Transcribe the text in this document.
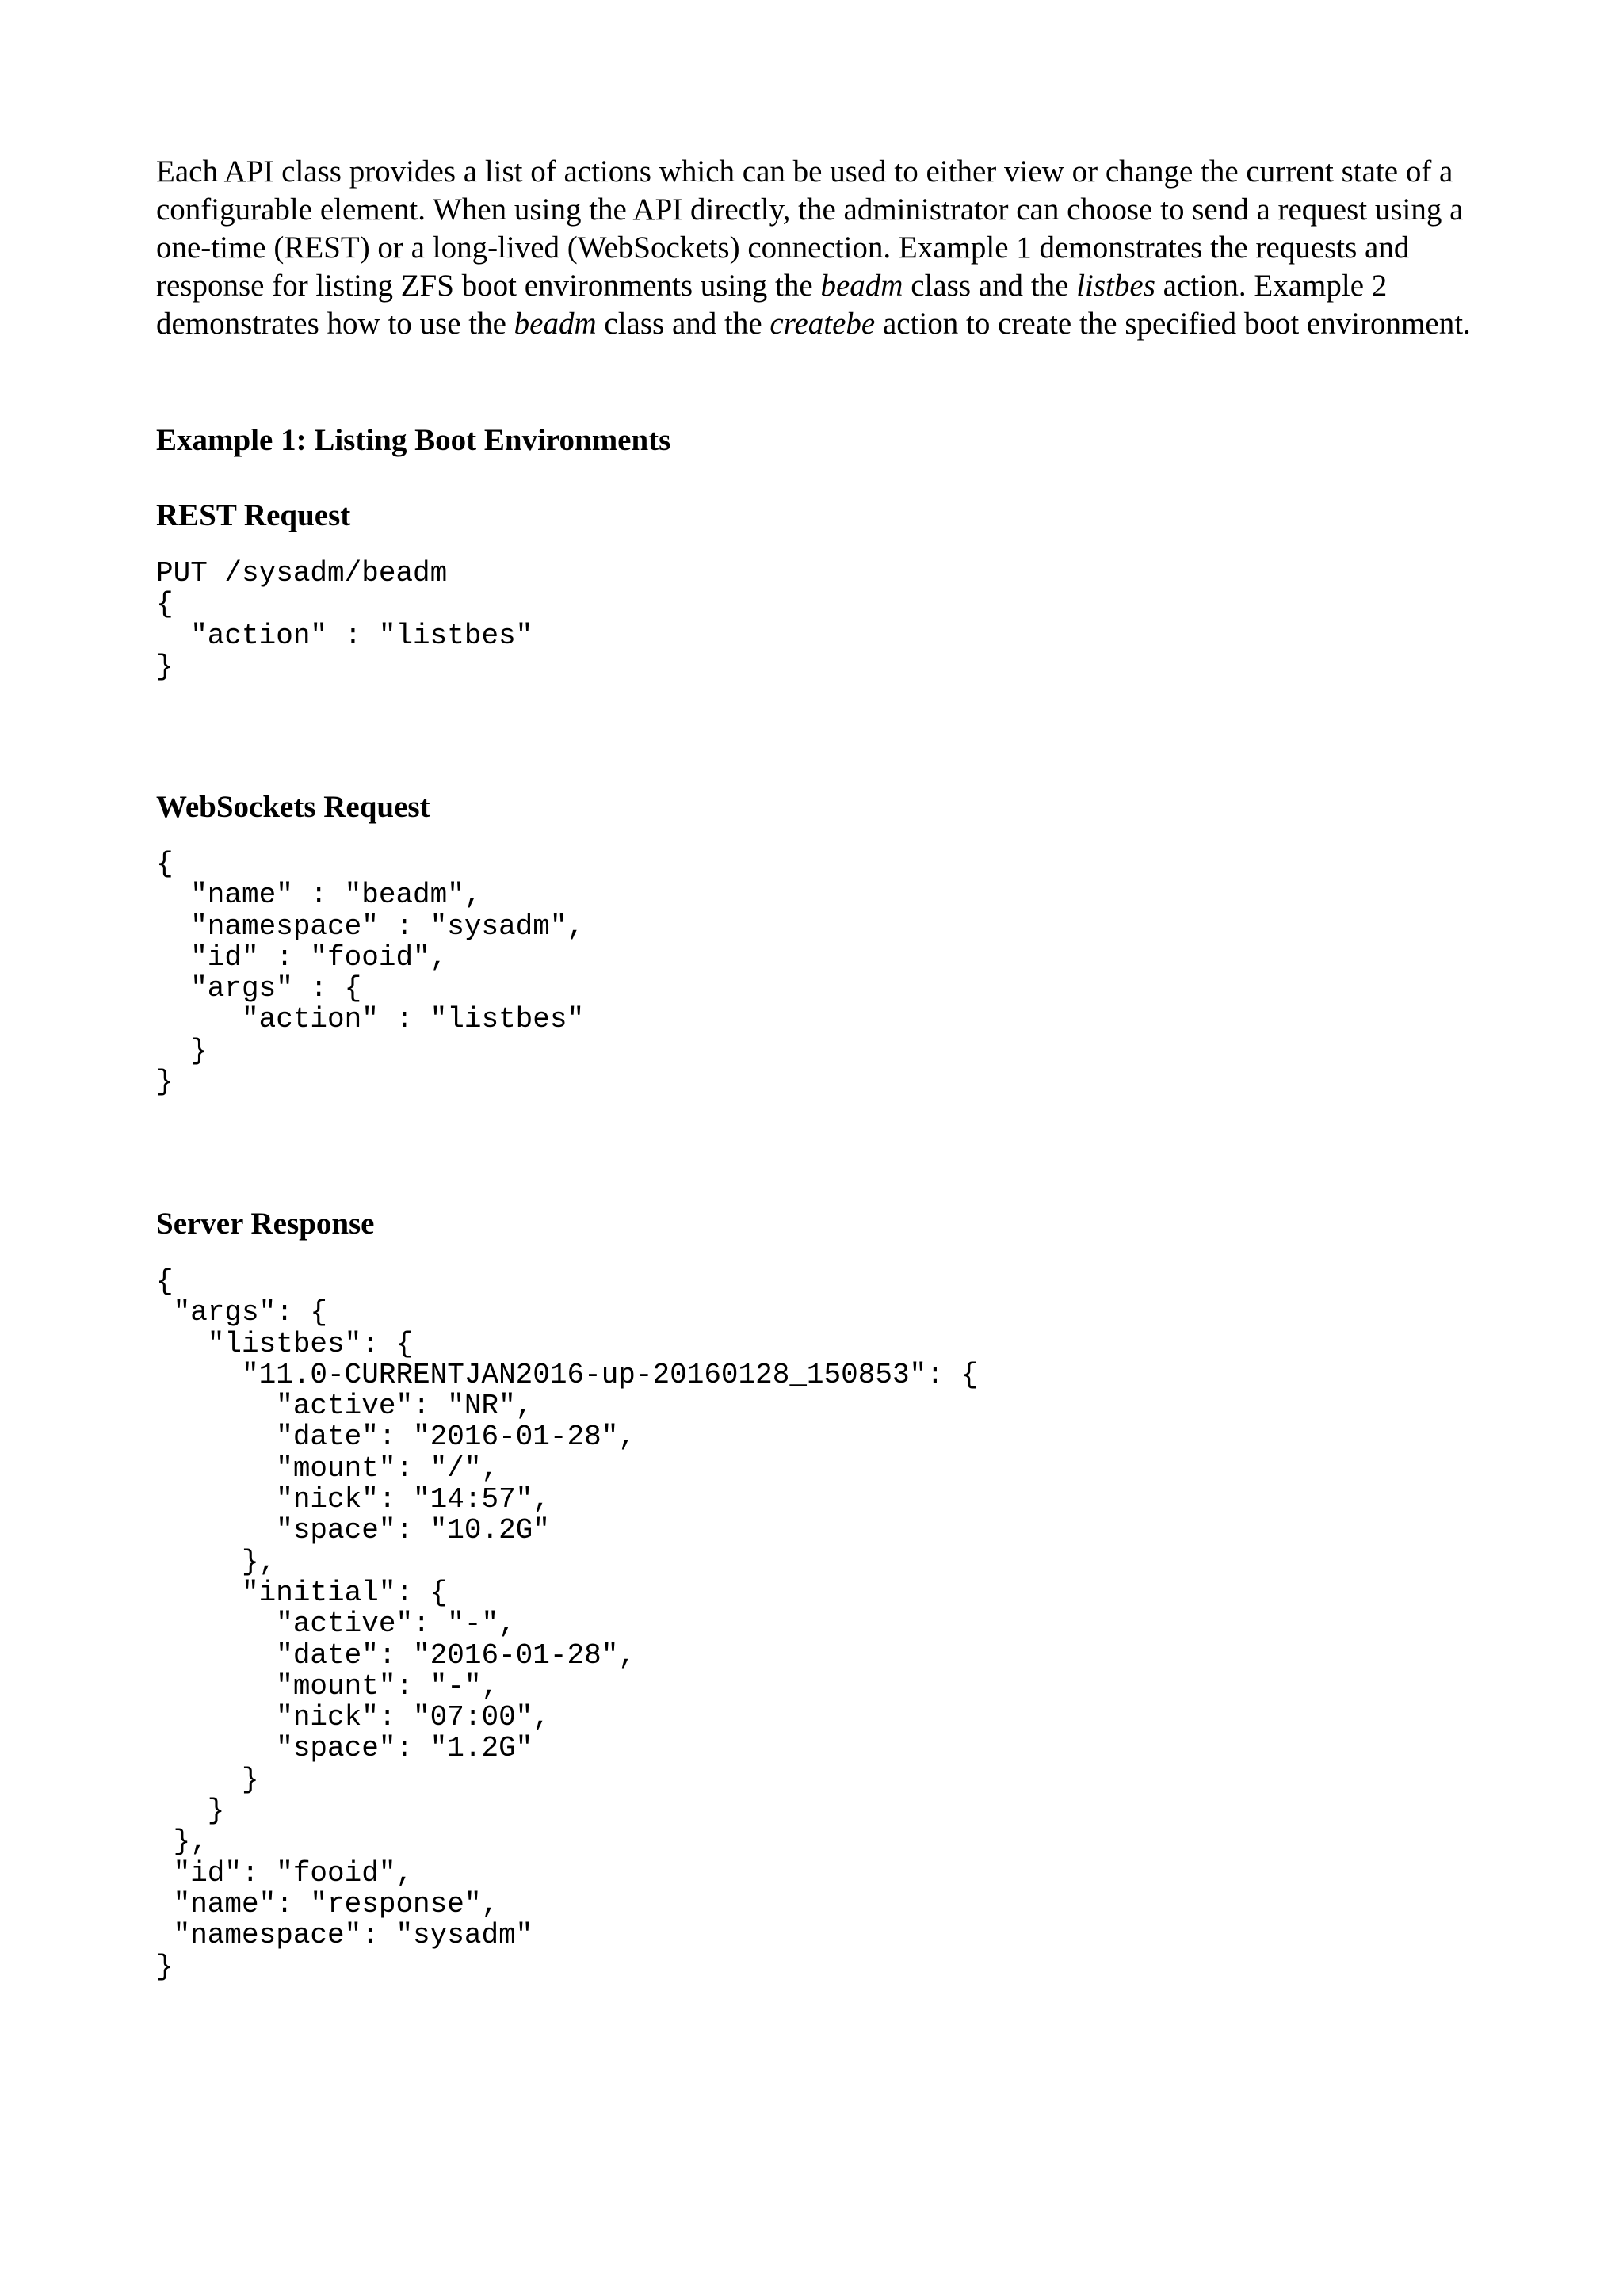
Each API class provides a list of actions which can be used to either view or change the current state of a configurable element. When using the API directly, the administrator can choose to send a request using a one-time (REST) or a long-lived (WebSockets) connection. Example 1 demonstrates the requests and response for listing ZFS boot environments using the beadm class and the listbes action. Example 2 demonstrates how to use the beadm class and the createbe action to create the specified boot environment.

Example 1: Listing Boot Environments
REST Request
PUT /sysadm/beadm
{
"action" : "listbes"
}
WebSockets Request
{
"name" : "beadm",
"namespace" : "sysadm",
"id" : "fooid",
"args" : {
"action" : "listbes"
}
}
Server Response
{
"args": {
"listbes": {
"11.0-CURRENTJAN2016-up-20160128_150853": {
"active": "NR",
"date": "2016-01-28",
"mount": "/",
"nick": "14:57",
"space": "10.2G"
},
"initial": {
"active": "-",
"date": "2016-01-28",
"mount": "-",
"nick": "07:00",
"space": "1.2G"
}
}
},
"id": "fooid",
"name": "response",
"namespace": "sysadm"
}
